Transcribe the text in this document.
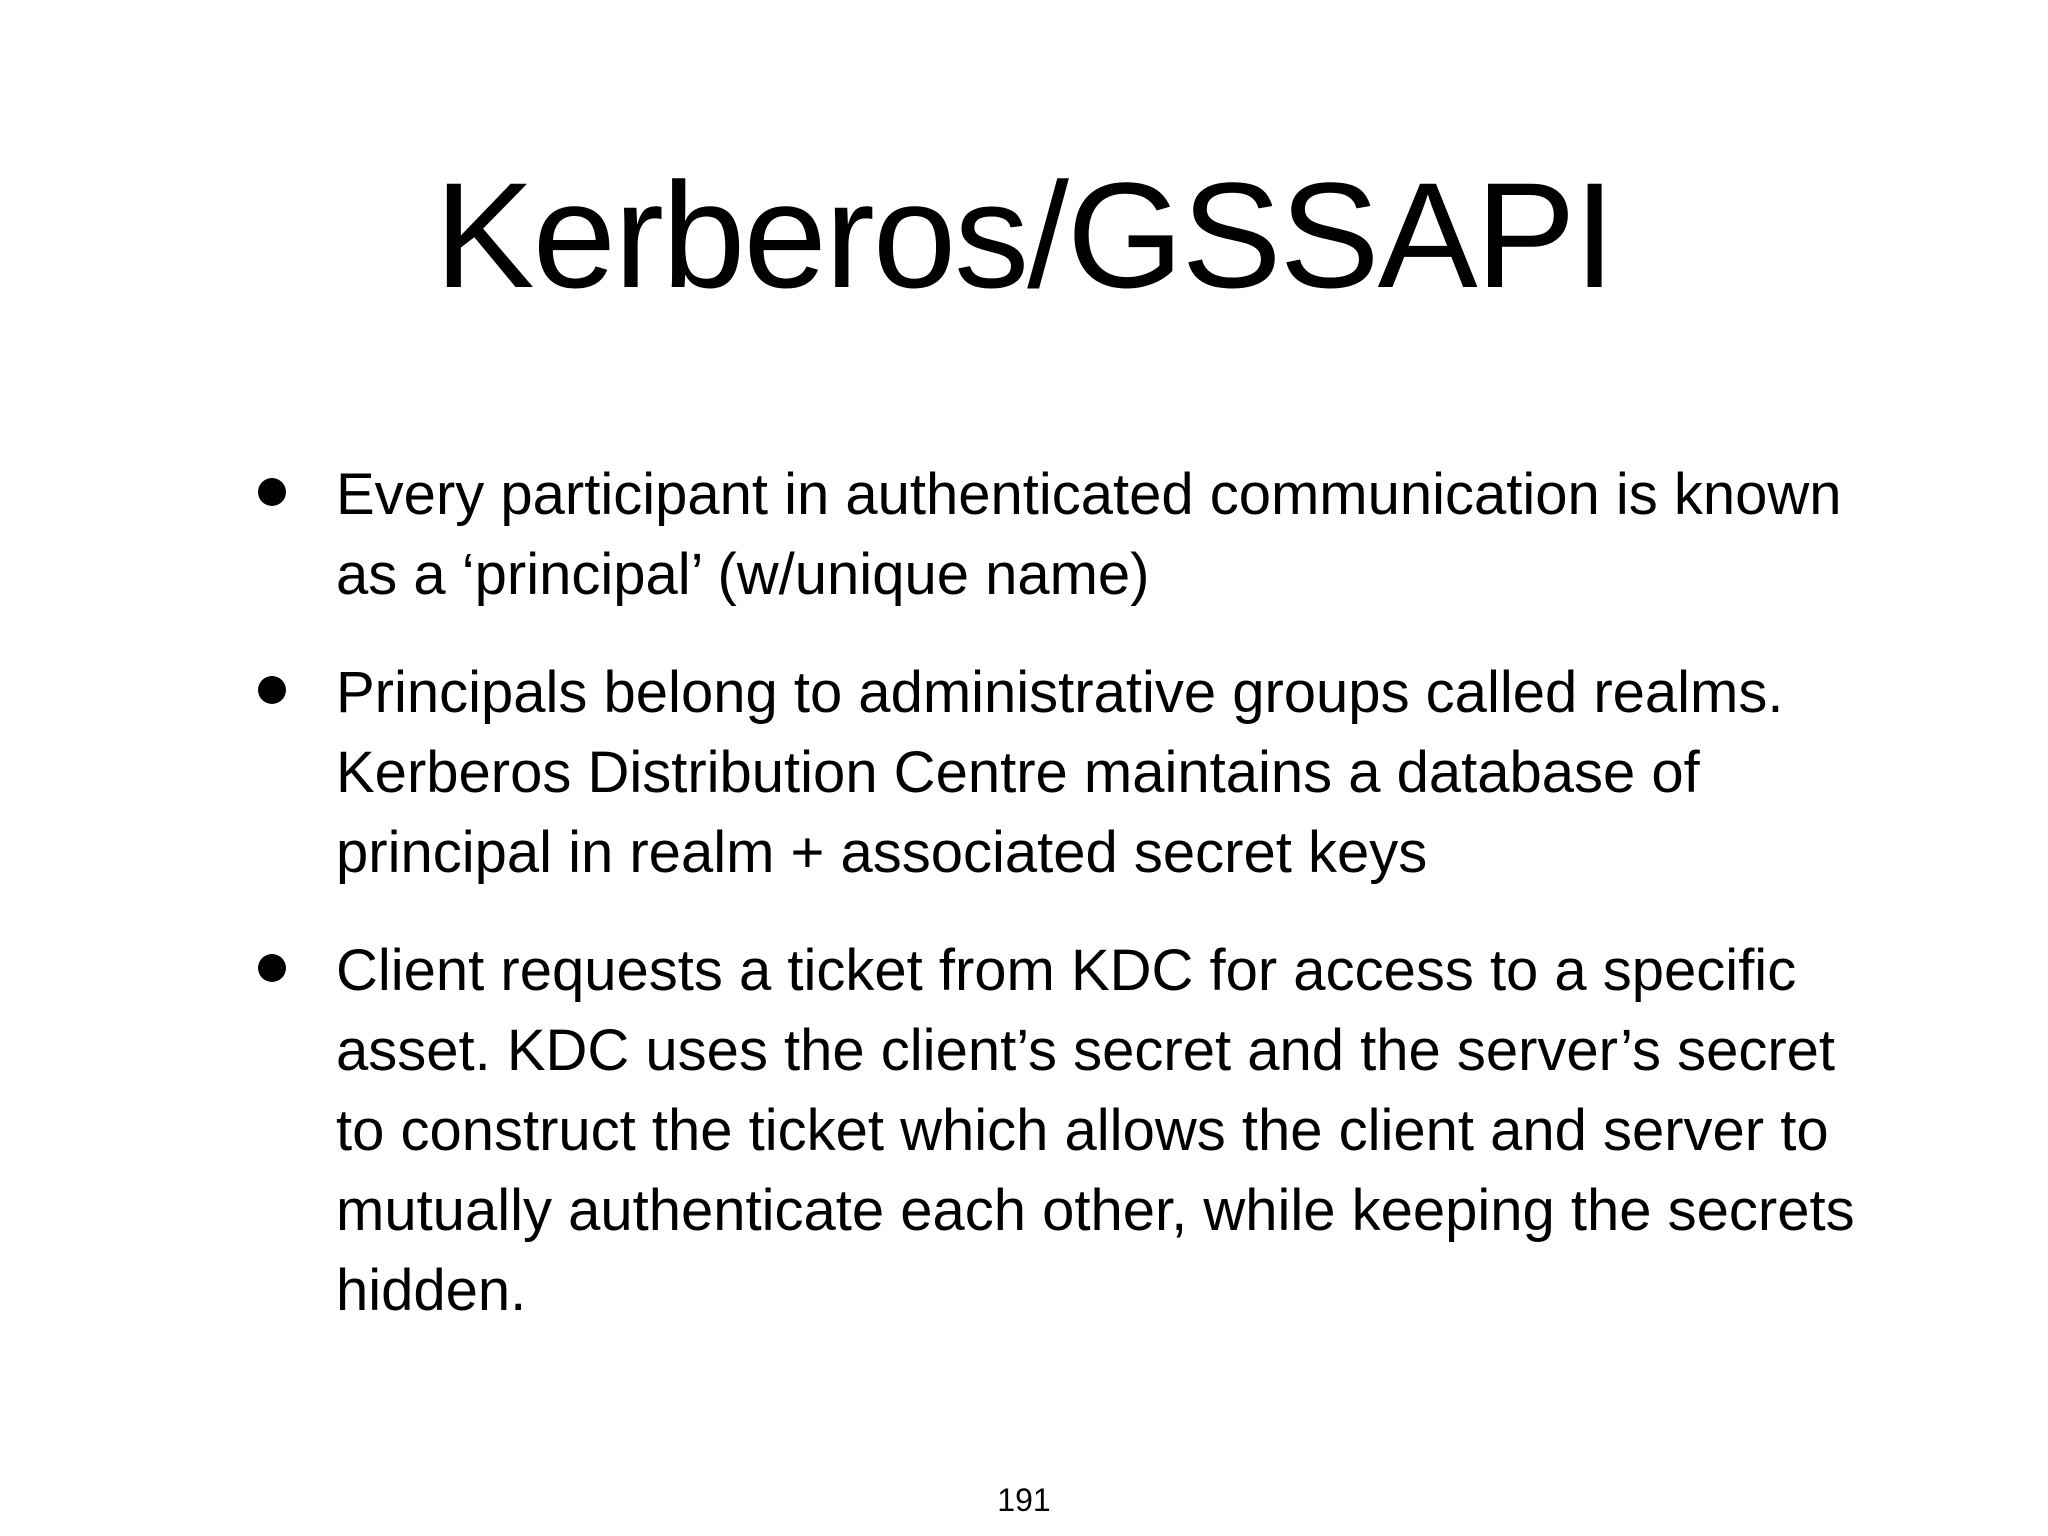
Kerberos/GSSAPI
Every participant in authenticated communication is known as a ‘principal’ (w/unique name)
Principals belong to administrative groups called realms. Kerberos Distribution Centre maintains a database of principal in realm + associated secret keys
Client requests a ticket from KDC for access to a specific asset. KDC uses the client’s secret and the server’s secret to construct the ticket which allows the client and server to mutually authenticate each other, while keeping the secrets hidden.
191
